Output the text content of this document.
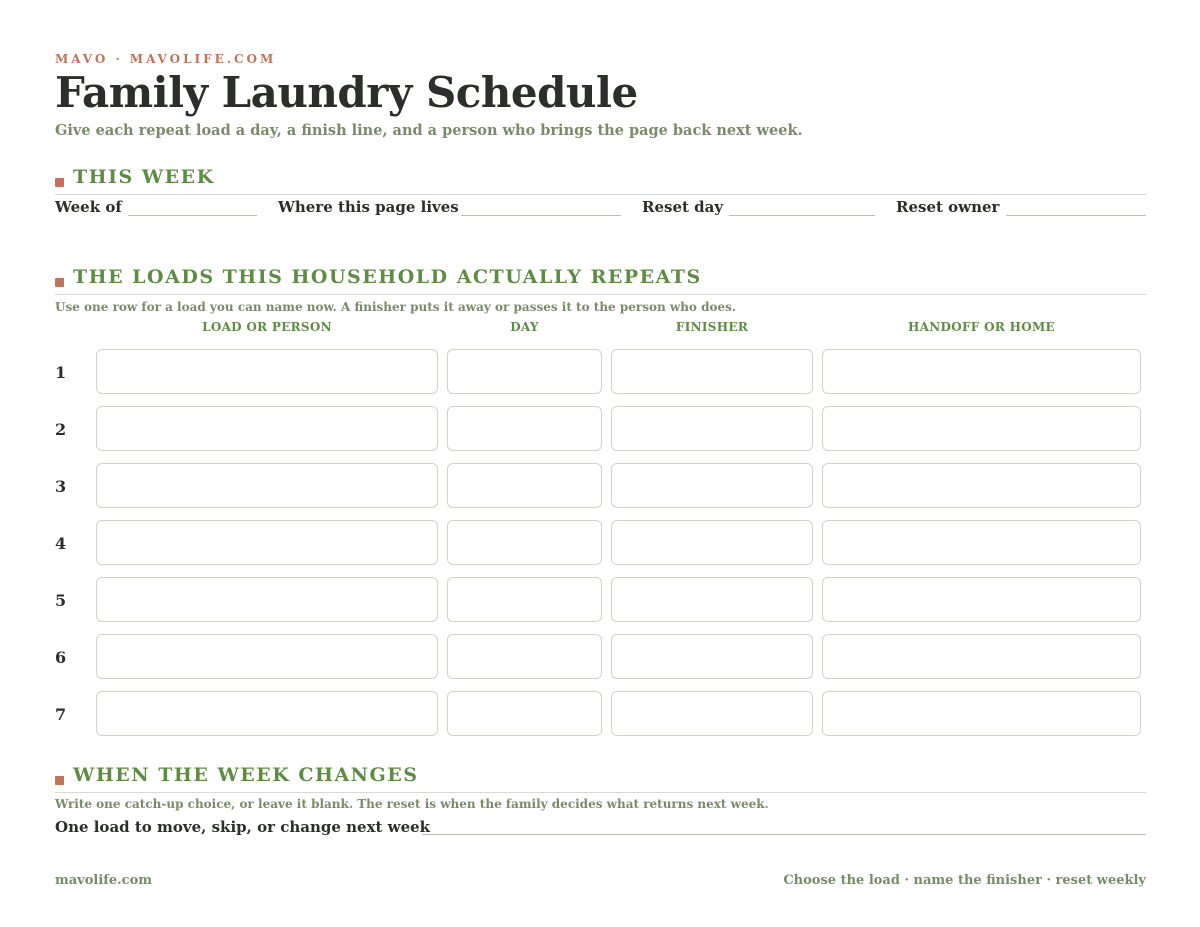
MAVO · MAVOLIFE.COM
Family Laundry Schedule
Give each repeat load a day, a finish line, and a person who brings the page back next week.
THIS WEEK
Week of	Where this page lives	Reset day	Reset owner
THE LOADS THIS HOUSEHOLD ACTUALLY REPEATS
Use one row for a load you can name now. A finisher puts it away or passes it to the person who does.
LOAD OR PERSON	DAY	FINISHER	HANDOFF OR HOME
1
2
3
4
5
6
7
WHEN THE WEEK CHANGES
Write one catch-up choice, or leave it blank. The reset is when the family decides what returns next week.
One load to move, skip, or change next week
mavolife.com	Choose the load · name the finisher · reset weekly
